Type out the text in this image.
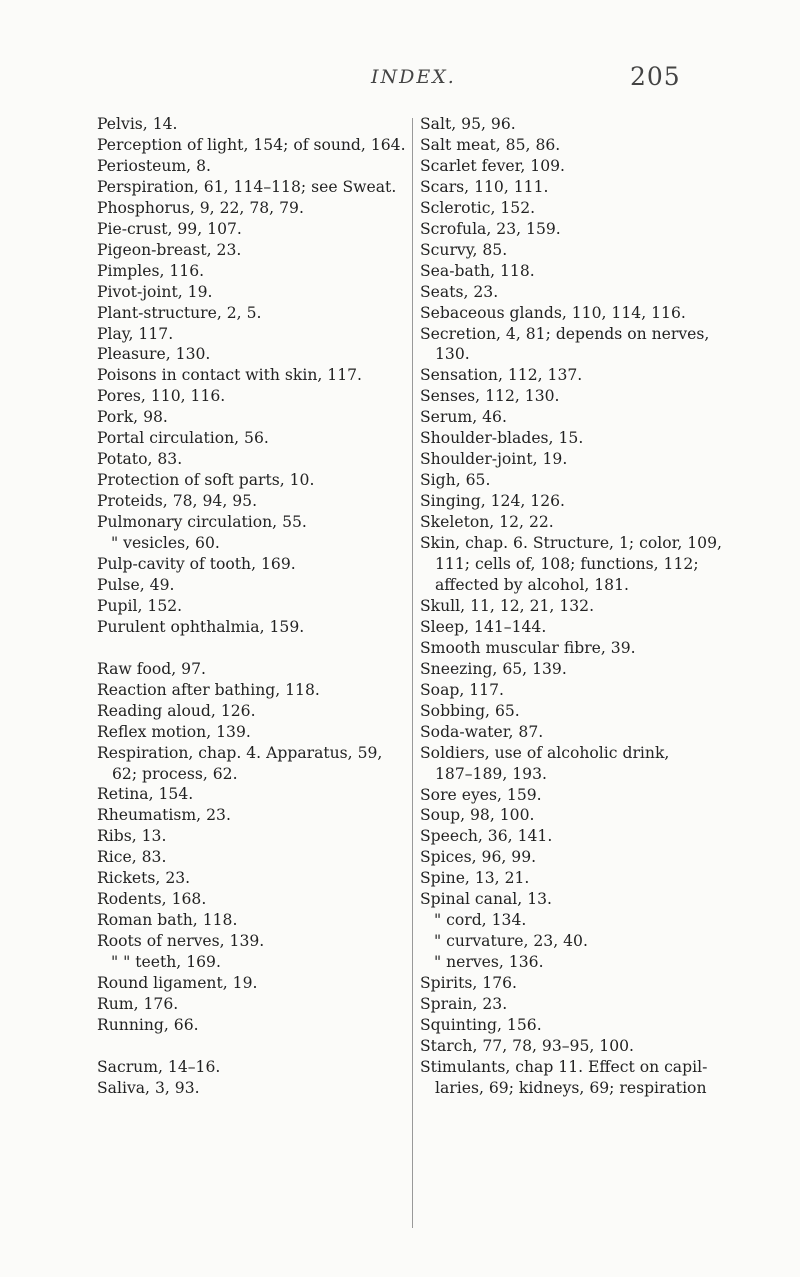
INDEX.	205
Pelvis, 14.
Perception of light, 154; of sound, 164.
Periosteum, 8.
Perspiration, 61, 114–118; see Sweat.
Phosphorus, 9, 22, 78, 79.
Pie-crust, 99, 107.
Pigeon-breast, 23.
Pimples, 116.
Pivot-joint, 19.
Plant-structure, 2, 5.
Play, 117.
Pleasure, 130.
Poisons in contact with skin, 117.
Pores, 110, 116.
Pork, 98.
Portal circulation, 56.
Potato, 83.
Protection of soft parts, 10.
Proteids, 78, 94, 95.
Pulmonary circulation, 55.
" vesicles, 60.
Pulp-cavity of tooth, 169.
Pulse, 49.
Pupil, 152.
Purulent ophthalmia, 159.
Raw food, 97.
Reaction after bathing, 118.
Reading aloud, 126.
Reflex motion, 139.
Respiration, chap. 4. Apparatus, 59,
62; process, 62.
Retina, 154.
Rheumatism, 23.
Ribs, 13.
Rice, 83.
Rickets, 23.
Rodents, 168.
Roman bath, 118.
Roots of nerves, 139.
" " teeth, 169.
Round ligament, 19.
Rum, 176.
Running, 66.
Sacrum, 14–16.
Saliva, 3, 93.
Salt, 95, 96.
Salt meat, 85, 86.
Scarlet fever, 109.
Scars, 110, 111.
Sclerotic, 152.
Scrofula, 23, 159.
Scurvy, 85.
Sea-bath, 118.
Seats, 23.
Sebaceous glands, 110, 114, 116.
Secretion, 4, 81; depends on nerves,
130.
Sensation, 112, 137.
Senses, 112, 130.
Serum, 46.
Shoulder-blades, 15.
Shoulder-joint, 19.
Sigh, 65.
Singing, 124, 126.
Skeleton, 12, 22.
Skin, chap. 6. Structure, 1; color, 109,
111; cells of, 108; functions, 112;
affected by alcohol, 181.
Skull, 11, 12, 21, 132.
Sleep, 141–144.
Smooth muscular fibre, 39.
Sneezing, 65, 139.
Soap, 117.
Sobbing, 65.
Soda-water, 87.
Soldiers, use of alcoholic drink,
187–189, 193.
Sore eyes, 159.
Soup, 98, 100.
Speech, 36, 141.
Spices, 96, 99.
Spine, 13, 21.
Spinal canal, 13.
" cord, 134.
" curvature, 23, 40.
" nerves, 136.
Spirits, 176.
Sprain, 23.
Squinting, 156.
Starch, 77, 78, 93–95, 100.
Stimulants, chap 11. Effect on capil-
laries, 69; kidneys, 69; respiration
